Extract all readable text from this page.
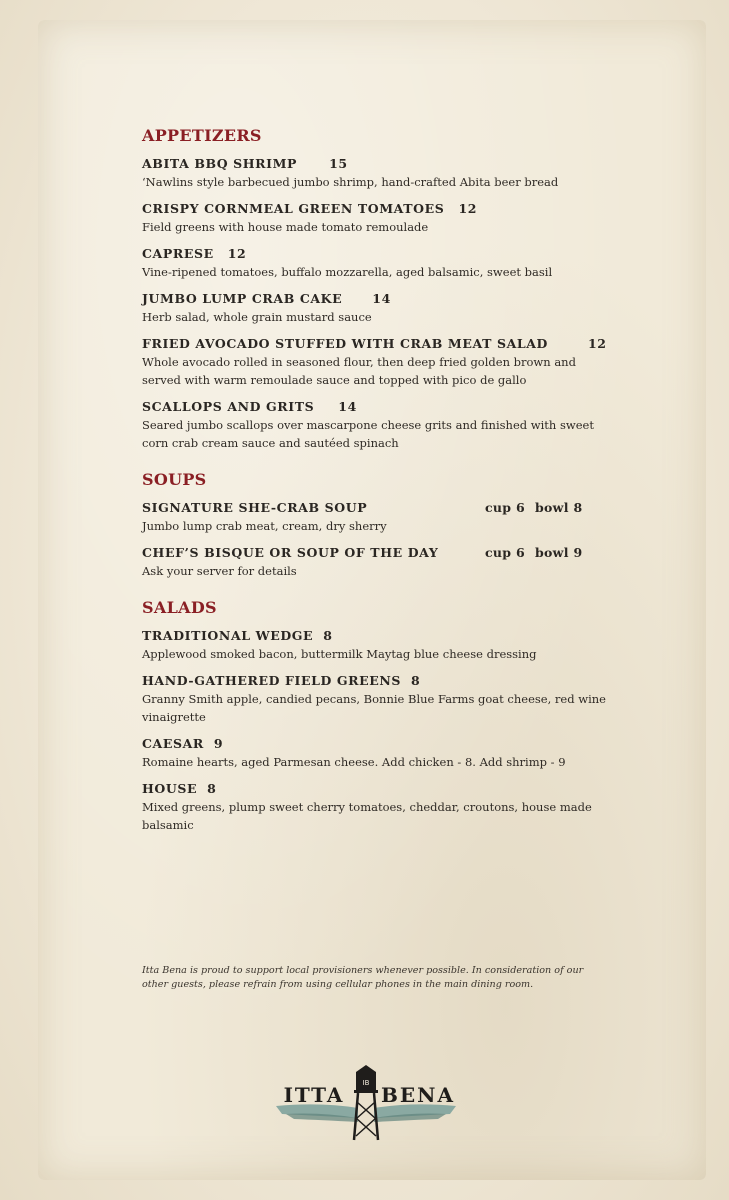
APPETIZERS
ABITA BBQ SHRIMP	15
‘Nawlins style barbecued jumbo shrimp, hand-crafted Abita beer bread
CRISPY CORNMEAL GREEN TOMATOES 12
Field greens with house made tomato remoulade
CAPRESE 12
Vine-ripened tomatoes, buffalo mozzarella, aged balsamic, sweet basil
JUMBO LUMP CRAB CAKE 14
Herb salad, whole grain mustard sauce
FRIED AVOCADO STUFFED WITH CRAB MEAT SALAD	12
Whole avocado rolled in seasoned flour, then deep fried golden brown and served with warm remoulade sauce and topped with pico de gallo
SCALLOPS AND GRITS 14
Seared jumbo scallops over mascarpone cheese grits and finished with sweet corn crab cream sauce and sautéed spinach
SOUPS
SIGNATURE SHE-CRAB SOUP	cup 6 bowl 8
Jumbo lump crab meat, cream, dry sherry
CHEF’S BISQUE OR SOUP OF THE DAY	cup 6 bowl 9
Ask your server for details
SALADS
TRADITIONAL WEDGE 8
Applewood smoked bacon, buttermilk Maytag blue cheese dressing
HAND-GATHERED FIELD GREENS 8
Granny Smith apple, candied pecans, Bonnie Blue Farms goat cheese, red wine vinaigrette
CAESAR 9
Romaine hearts, aged Parmesan cheese. Add chicken - 8. Add shrimp - 9
HOUSE 8
Mixed greens, plump sweet cherry tomatoes, cheddar, croutons, house made balsamic
Itta Bena is proud to support local provisioners whenever possible. In consideration of our other guests, please refrain from using cellular phones in the main dining room.
IB
ITTA BENA
